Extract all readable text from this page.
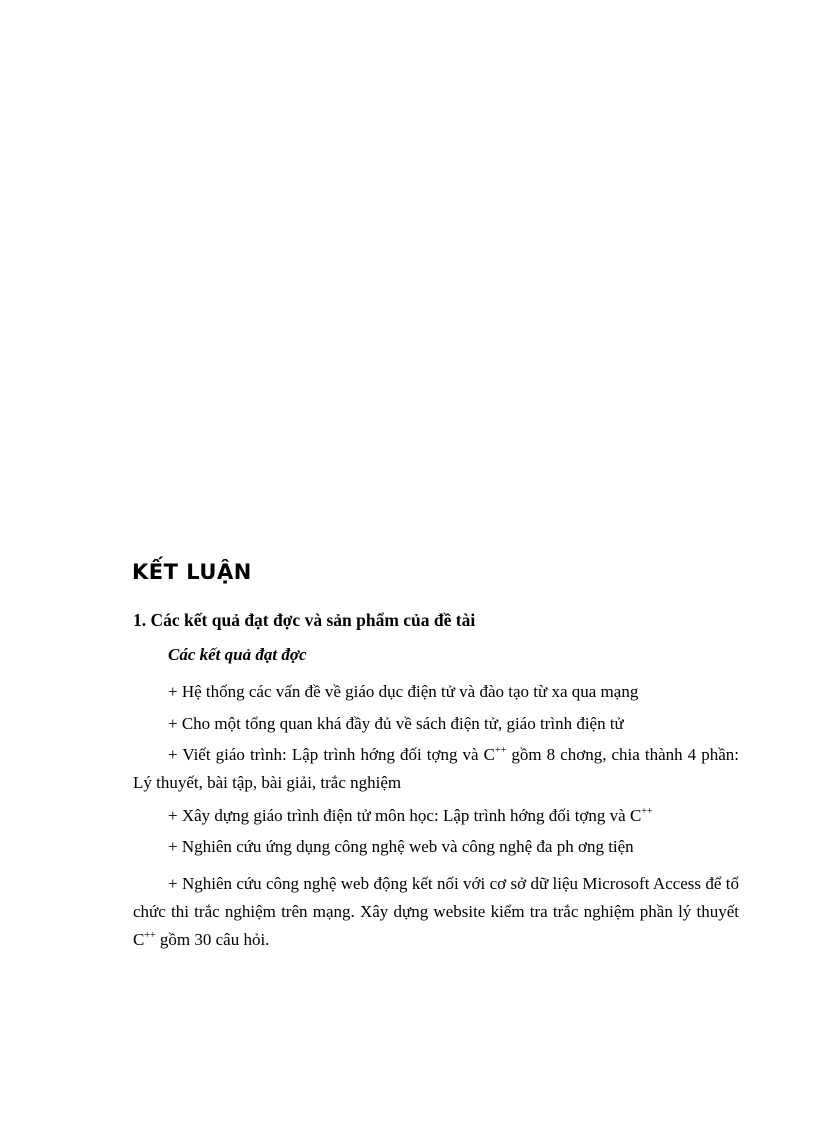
KẾT LUẬN
1. Các kết quả đạt đợc và sản phẩm của đề tài

Các kết quả đạt đợc

+ Hệ thống các vấn đề về giáo dục điện tử và đào tạo từ xa qua mạng

+ Cho một tổng quan khá đầy đủ về sách điện tử, giáo trình điện tử

+ Viết giáo trình: Lập trình hớng đối tợng và C++ gồm 8 chơng, chia thành 4 phần: Lý thuyết, bài tập, bài giải, trắc nghiệm

+ Xây dựng giáo trình điện tử môn học: Lập trình hớng đối tợng và C++

+ Nghiên cứu ứng dụng công nghệ web và công nghệ đa ph ơng tiện

+ Nghiên cứu công nghệ web động kết nối với cơ sở dữ liệu Microsoft Access để tổ chức thi trắc nghiệm trên mạng. Xây dựng website kiểm tra trắc nghiệm phần lý thuyết C++ gồm 30 câu hỏi.
